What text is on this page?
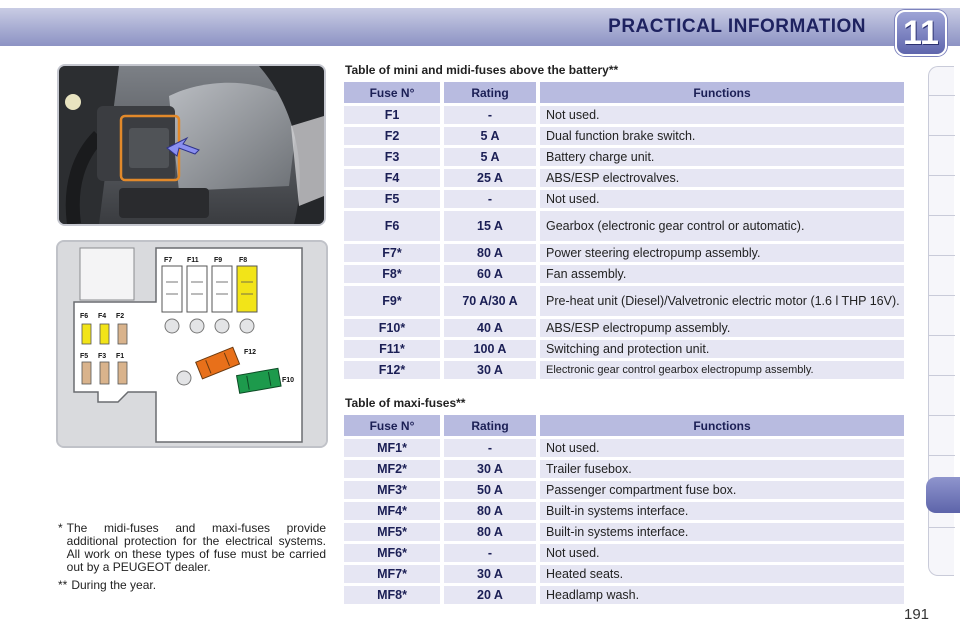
PRACTICAL INFORMATION 11
F7 F11 F9 F8
F12
F10
F6 F4 F2
F5 F3 F1
* The midi-fuses and maxi-fuses provide additional protection for the electrical systems. All work on these types of fuse must be carried out by a PEUGEOT dealer.
** During the year.
Table of mini and midi-fuses above the battery**
Fuse N°	Rating	Functions
F1	-	Not used.
F2	5 A	Dual function brake switch.
F3	5 A	Battery charge unit.
F4	25 A	ABS/ESP electrovalves.
F5	-	Not used.
F6	15 A	Gearbox (electronic gear control or automatic).
F7*	80 A	Power steering electropump assembly.
F8*	60 A	Fan assembly.
F9*	70 A/30 A	Pre-heat unit (Diesel)/Valvetronic electric motor (1.6 l THP 16V).
F10*	40 A	ABS/ESP electropump assembly.
F11*	100 A	Switching and protection unit.
F12*	30 A	Electronic gear control gearbox electropump assembly.
Table of maxi-fuses**
Fuse N°	Rating	Functions
MF1*	-	Not used.
MF2*	30 A	Trailer fusebox.
MF3*	50 A	Passenger compartment fuse box.
MF4*	80 A	Built-in systems interface.
MF5*	80 A	Built-in systems interface.
MF6*	-	Not used.
MF7*	30 A	Heated seats.
MF8*	20 A	Headlamp wash.
191
